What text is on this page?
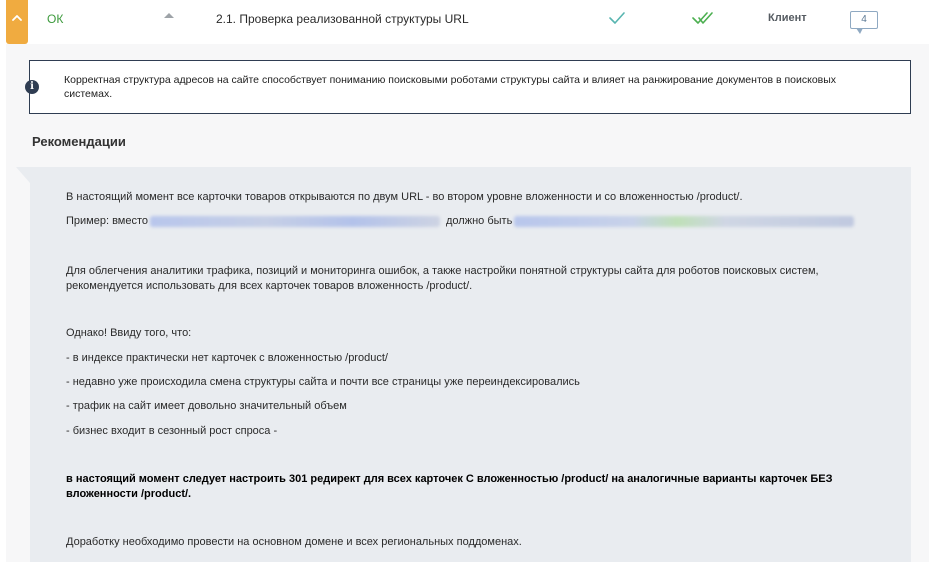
ОК	2.1. Проверка реализованной структуры URL	Клиент	4
i
Корректная структура адресов на сайте способствует пониманию поисковыми роботами структуры сайта и влияет на ранжирование документов в поисковых системах.
Рекомендации
В настоящий момент все карточки товаров открываются по двум URL - во втором уровне вложенности и со вложенностью /product/.
Пример: вместо	должно быть
Для облегчения аналитики трафика, позиций и мониторинга ошибок, а также настройки понятной структуры сайта для роботов поисковых систем, рекомендуется использовать для всех карточек товаров вложенность /product/.
Однако! Ввиду того, что:
- в индексе практически нет карточек с вложенностью /product/
- недавно уже происходила смена структуры сайта и почти все страницы уже переиндексировались
- трафик на сайт имеет довольно значительный объем
- бизнес входит в сезонный рост спроса -
в настоящий момент следует настроить 301 редирект для всех карточек С вложенностью /product/ на аналогичные варианты карточек БЕЗ вложенности /product/.
Доработку необходимо провести на основном домене и всех региональных поддоменах.
